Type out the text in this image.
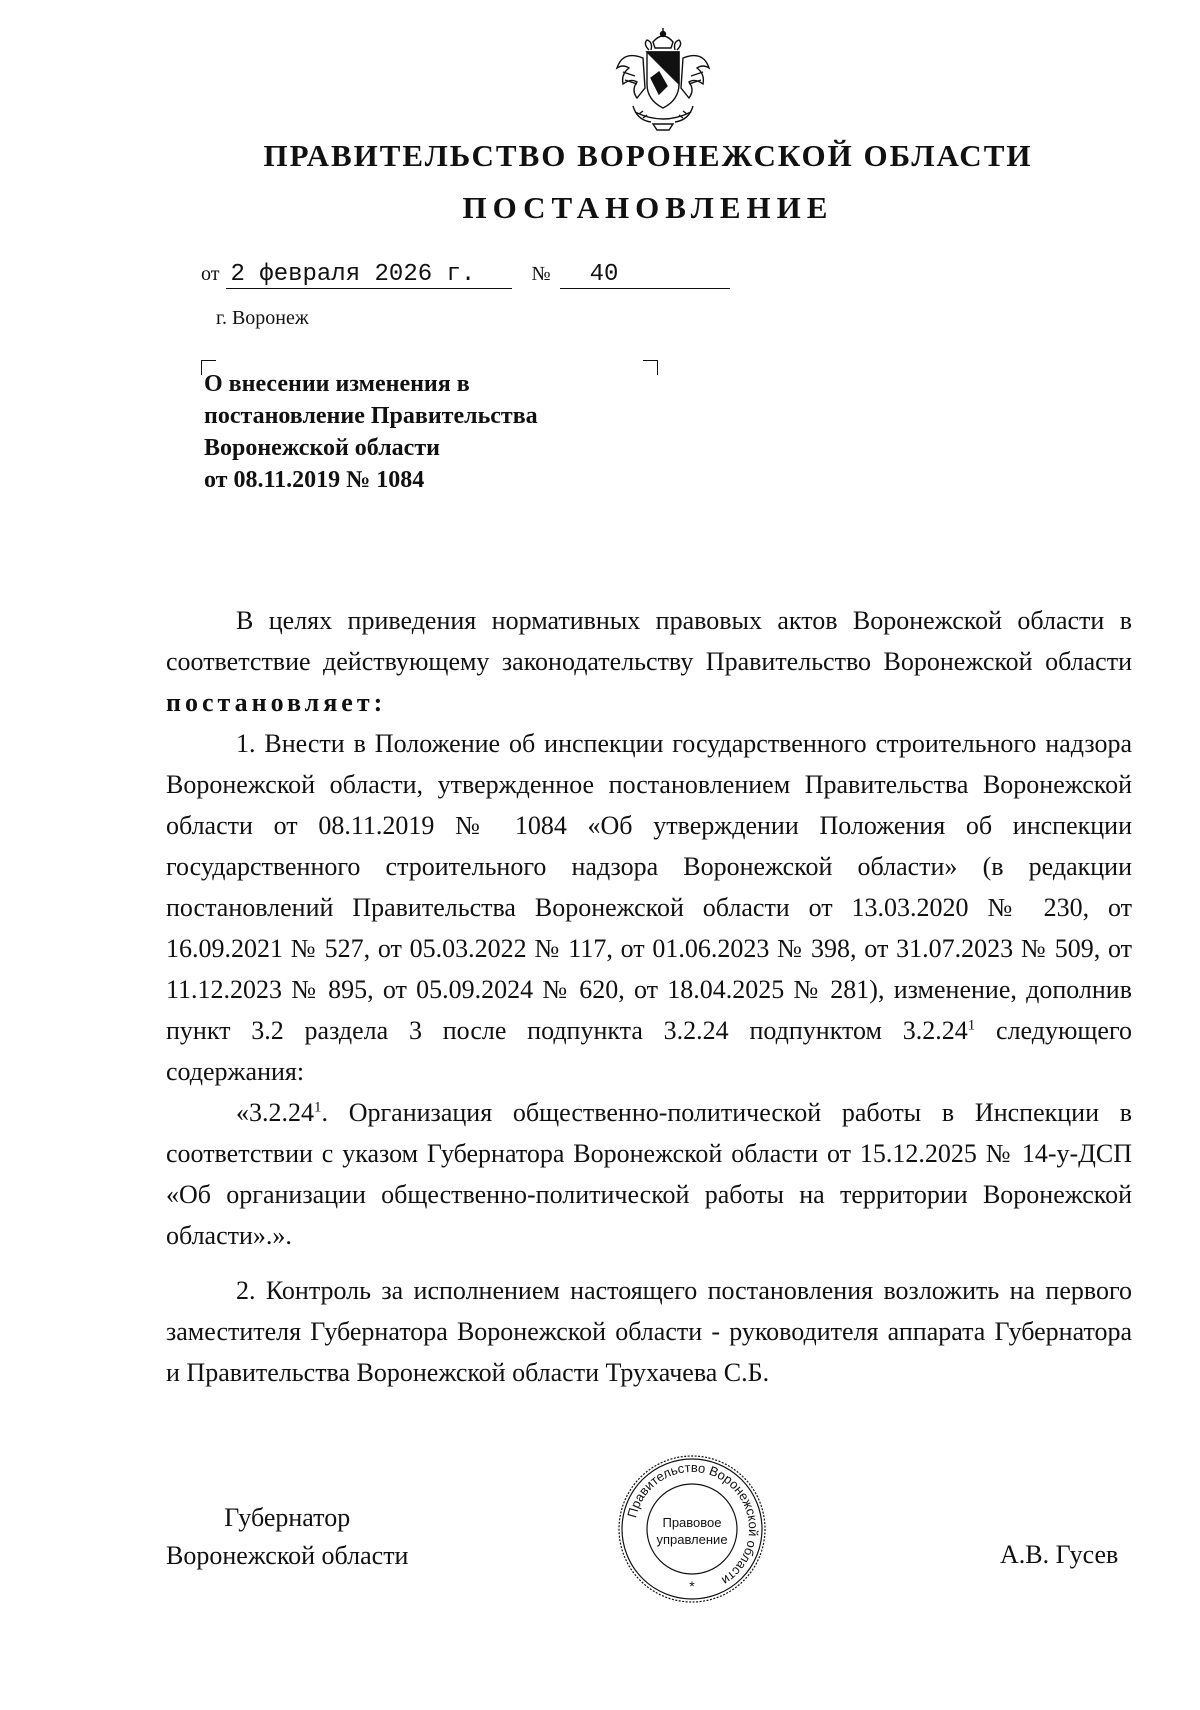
ПРАВИТЕЛЬСТВО ВОРОНЕЖСКОЙ ОБЛАСТИ
ПОСТАНОВЛЕНИЕ
от 2 февраля 2026 г.	№ 40
г. Воронеж
О внесении изменения в
постановление Правительства
Воронежской области
от 08.11.2019 № 1084

В целях приведения нормативных правовых актов Воронежской области в соответствие действующему законодательству Правительство Воронежской области постановляет:

1. Внести в Положение об инспекции государственного строительного надзора Воронежской области, утвержденное постановлением Правительства Воронежской области от 08.11.2019 № 1084 «Об утверждении Положения об инспекции государственного строительного надзора Воронежской области» (в редакции постановлений Правительства Воронежской области от 13.03.2020 № 230, от 16.09.2021 № 527, от 05.03.2022 № 117, от 01.06.2023 № 398, от 31.07.2023 № 509, от 11.12.2023 № 895, от 05.09.2024 № 620, от 18.04.2025 № 281), изменение, дополнив пункт 3.2 раздела 3 после подпункта 3.2.24 подпунктом 3.2.24$^1$ следующего содержания:

«3.2.24$^1$. Организация общественно-политической работы в Инспекции в соответствии с указом Губернатора Воронежской области от 15.12.2025 № 14-у-ДСП «Об организации общественно-политической работы на территории Воронежской области».».

2. Контроль за исполнением настоящего постановления возложить на первого заместителя Губернатора Воронежской области - руководителя аппарата Губернатора и Правительства Воронежской области Трухачева С.Б.

Губернатор
Воронежской области
Правительство Воронежской области
Правовое
управление
*
А.В. Гусев
